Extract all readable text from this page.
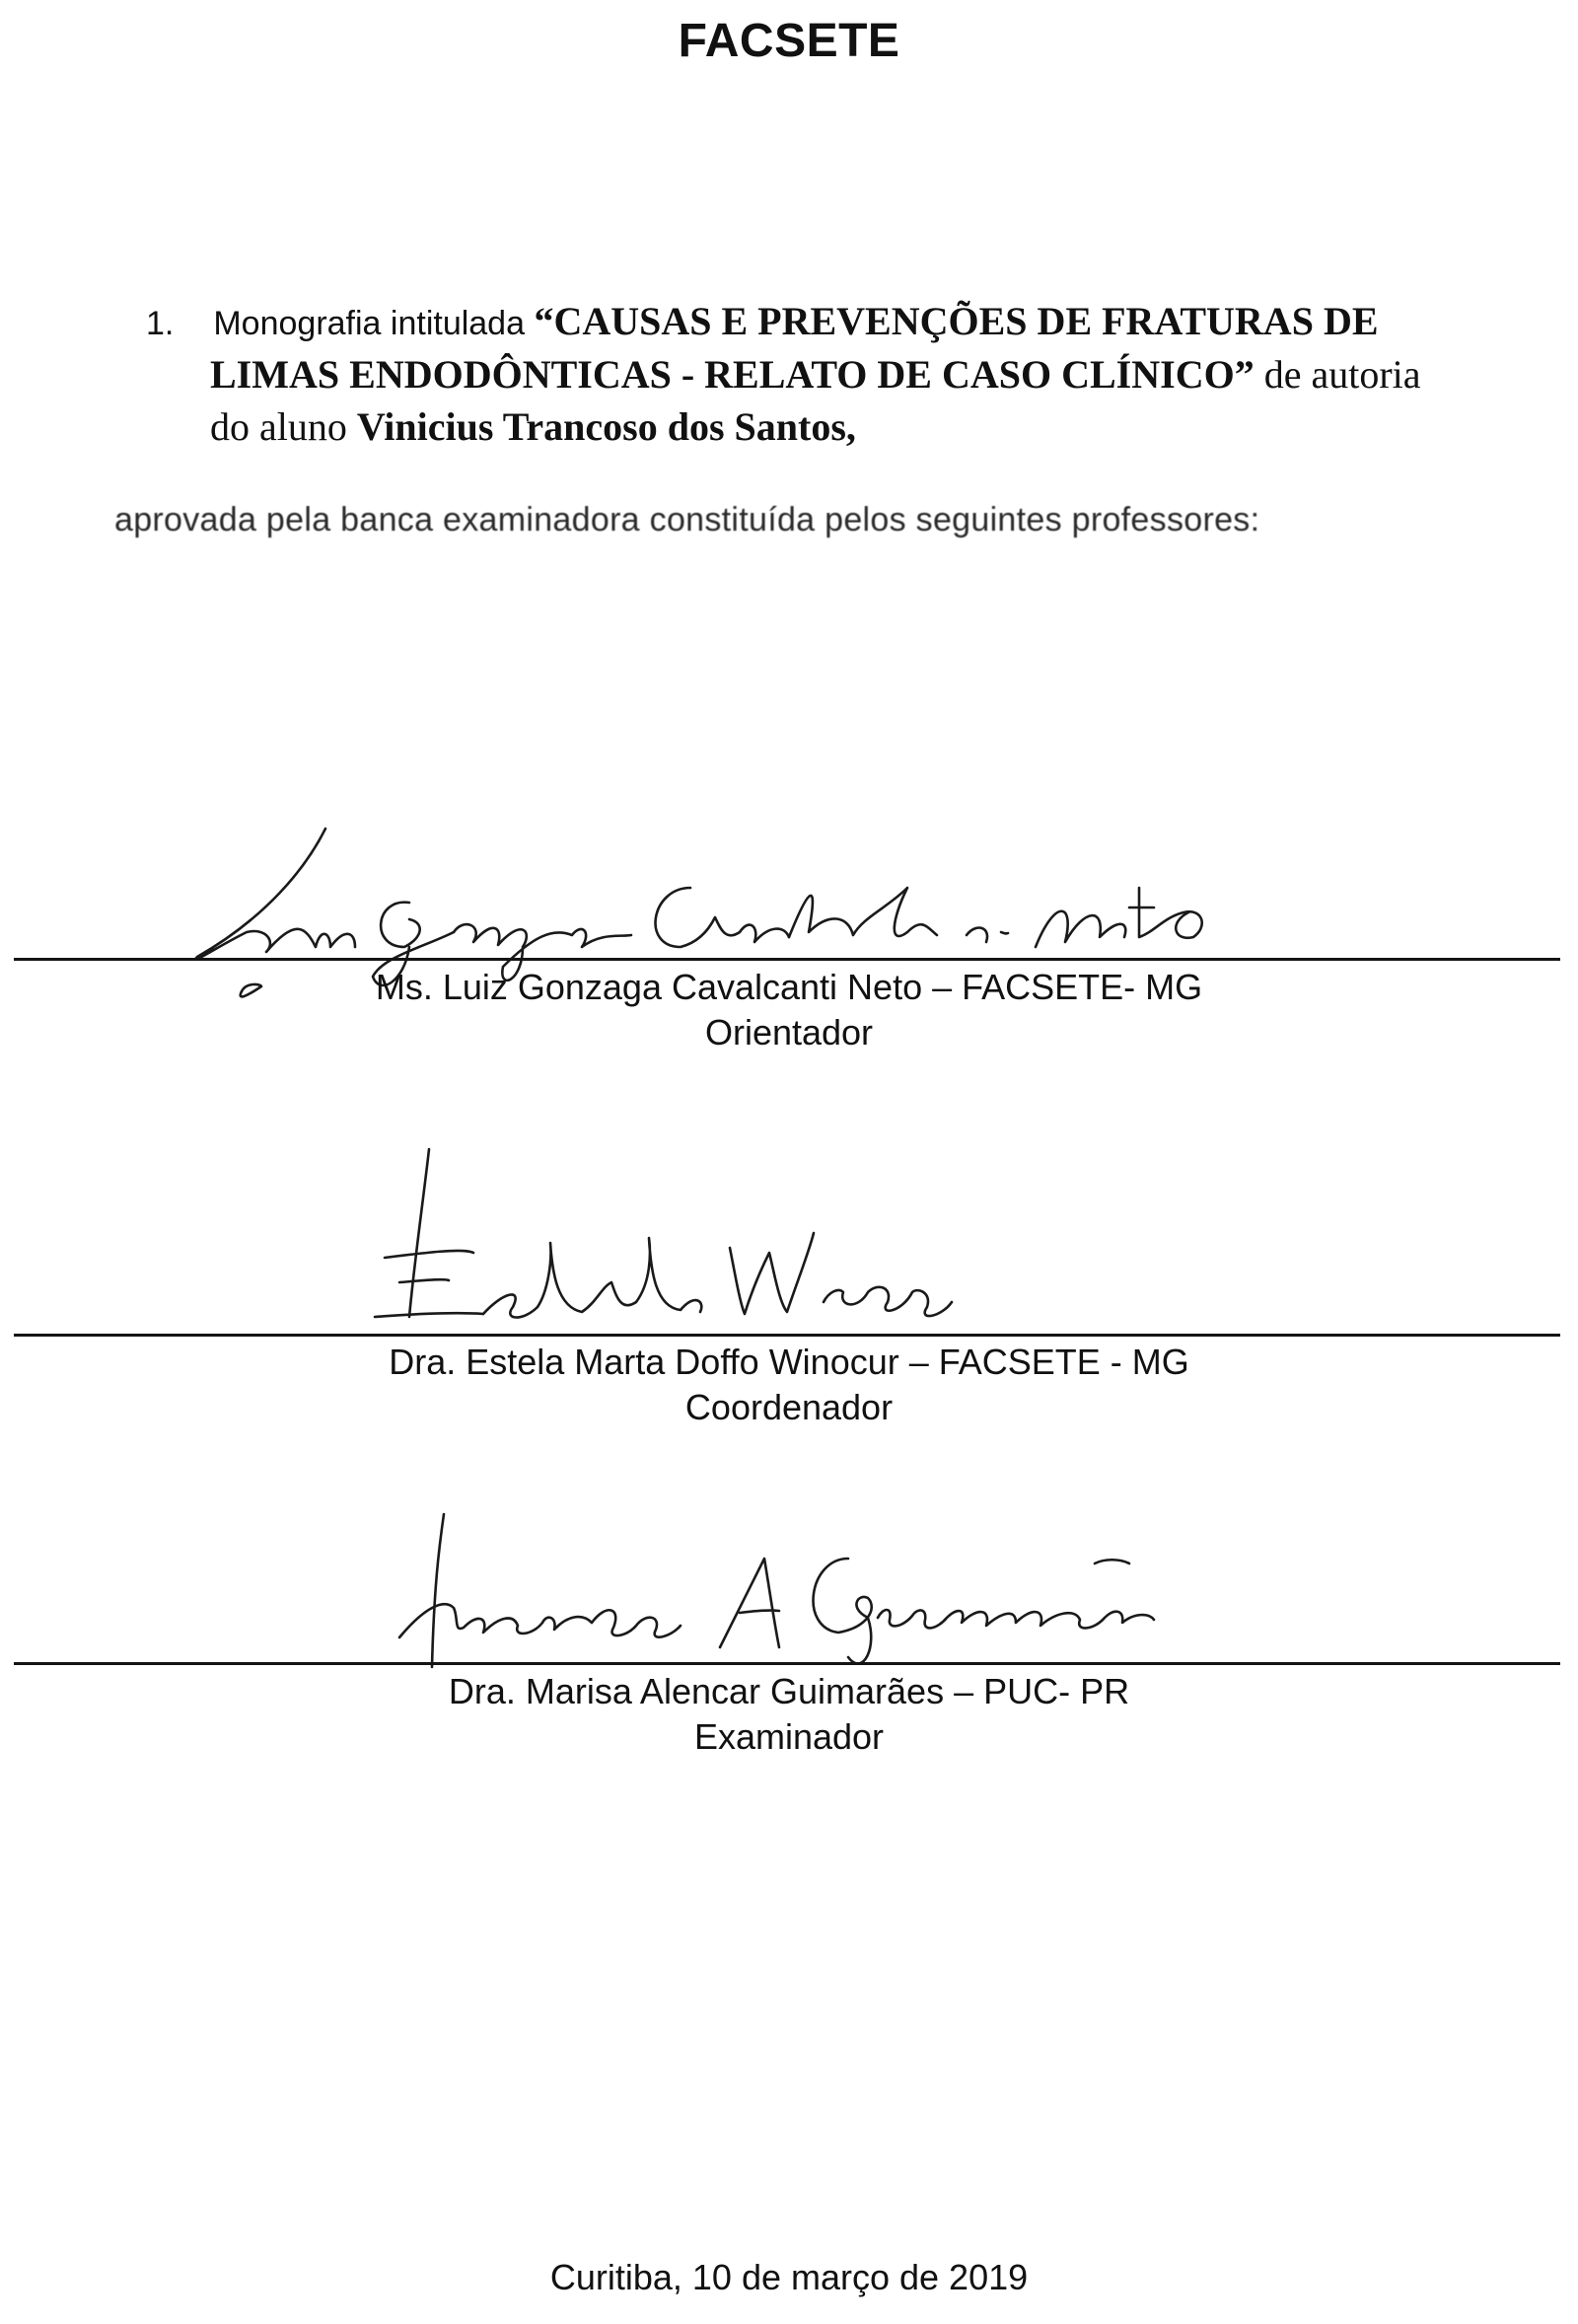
FACSETE
1. Monografia intitulada “CAUSAS E PREVENÇÕES DE FRATURAS DE
LIMAS ENDODÔNTICAS - RELATO DE CASO CLÍNICO” de autoria
do aluno Vinicius Trancoso dos Santos,
aprovada pela banca examinadora constituída pelos seguintes professores:
Ms. Luiz Gonzaga Cavalcanti Neto – FACSETE- MG
Orientador
Dra. Estela Marta Doffo Winocur – FACSETE - MG
Coordenador
Dra. Marisa Alencar Guimarães – PUC- PR
Examinador
Curitiba, 10 de março de 2019
